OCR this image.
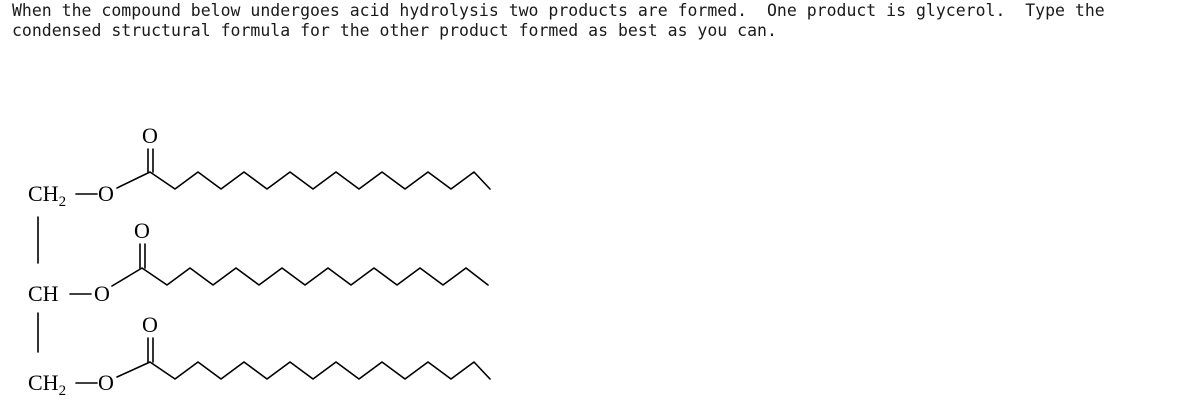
When the compound below undergoes acid hydrolysis two products are formed.  One product is glycerol.  Type the
condensed structural formula for the other product formed as best as you can.
$CH_2$
CH
$CH_2$
O
O
O
O
O
O
